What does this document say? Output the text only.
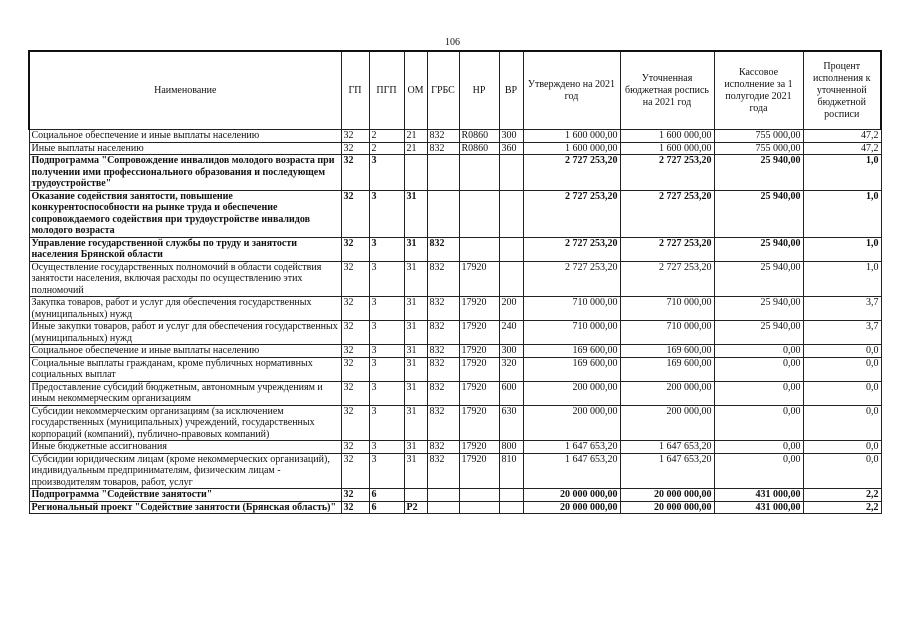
106
Наименование	ГП	ПГП	ОМ	ГРБС	НР	ВР	Утверждено на 2021 год	Уточненная бюджетная роспись на 2021 год	Кассовое исполнение за 1 полугодие 2021 года	Процент исполнения к уточненной бюджетной росписи
Социальное обеспечение и иные выплаты населению	32	2	21	832	R0860	300	1 600 000,00	1 600 000,00	755 000,00	47,2
Иные выплаты населению	32	2	21	832	R0860	360	1 600 000,00	1 600 000,00	755 000,00	47,2
Подпрограмма "Сопровождение инвалидов молодого возраста при получении ими профессионального образования и последующем трудоустройстве"	32	3					2 727 253,20	2 727 253,20	25 940,00	1,0
Оказание содействия занятости, повышение конкурентоспособности на рынке труда и обеспечение сопровождаемого содействия при трудоустройстве инвалидов молодого возраста	32	3	31				2 727 253,20	2 727 253,20	25 940,00	1,0
Управление государственной службы по труду и занятости населения Брянской области	32	3	31	832			2 727 253,20	2 727 253,20	25 940,00	1,0
Осуществление государственных полномочий в области содействия занятости населения, включая расходы по осуществлению этих полномочий	32	3	31	832	17920		2 727 253,20	2 727 253,20	25 940,00	1,0
Закупка товаров, работ и услуг для обеспечения государственных (муниципальных) нужд	32	3	31	832	17920	200	710 000,00	710 000,00	25 940,00	3,7
Иные закупки товаров, работ и услуг для обеспечения государственных (муниципальных) нужд	32	3	31	832	17920	240	710 000,00	710 000,00	25 940,00	3,7
Социальное обеспечение и иные выплаты населению	32	3	31	832	17920	300	169 600,00	169 600,00	0,00	0,0
Социальные выплаты гражданам, кроме публичных нормативных социальных выплат	32	3	31	832	17920	320	169 600,00	169 600,00	0,00	0,0
Предоставление субсидий бюджетным, автономным учреждениям и иным некоммерческим организациям	32	3	31	832	17920	600	200 000,00	200 000,00	0,00	0,0
Субсидии некоммерческим организациям (за исключением государственных (муниципальных) учреждений, государственных корпораций (компаний), публично-правовых компаний)	32	3	31	832	17920	630	200 000,00	200 000,00	0,00	0,0
Иные бюджетные ассигнования	32	3	31	832	17920	800	1 647 653,20	1 647 653,20	0,00	0,0
Субсидии юридическим лицам (кроме некоммерческих организаций), индивидуальным предпринимателям, физическим лицам - производителям товаров, работ, услуг	32	3	31	832	17920	810	1 647 653,20	1 647 653,20	0,00	0,0
Подпрограмма "Содействие занятости"	32	6					20 000 000,00	20 000 000,00	431 000,00	2,2
Региональный проект "Содействие занятости (Брянская область)"	32	6	P2				20 000 000,00	20 000 000,00	431 000,00	2,2
